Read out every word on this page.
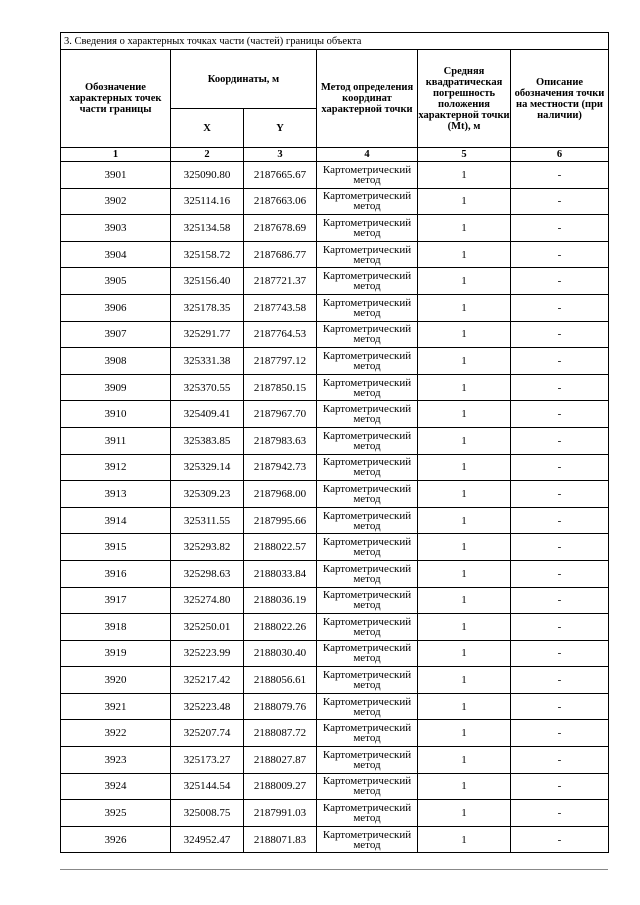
3. Сведения о характерных точках части (частей) границы объекта					
Обозначение характерных точек части границы	Координаты, м		Метод определения координат характерной точки	Средняя квадратическая погрешность положения характерной точки (Mt), м	Описание обозначения точки на местности (при наличии)
	X	Y			
1	2	3	4	5	6
3901	325090.80	2187665.67	Картометрический метод	1	-
3902	325114.16	2187663.06	Картометрический метод	1	-
3903	325134.58	2187678.69	Картометрический метод	1	-
3904	325158.72	2187686.77	Картометрический метод	1	-
3905	325156.40	2187721.37	Картометрический метод	1	-
3906	325178.35	2187743.58	Картометрический метод	1	-
3907	325291.77	2187764.53	Картометрический метод	1	-
3908	325331.38	2187797.12	Картометрический метод	1	-
3909	325370.55	2187850.15	Картометрический метод	1	-
3910	325409.41	2187967.70	Картометрический метод	1	-
3911	325383.85	2187983.63	Картометрический метод	1	-
3912	325329.14	2187942.73	Картометрический метод	1	-
3913	325309.23	2187968.00	Картометрический метод	1	-
3914	325311.55	2187995.66	Картометрический метод	1	-
3915	325293.82	2188022.57	Картометрический метод	1	-
3916	325298.63	2188033.84	Картометрический метод	1	-
3917	325274.80	2188036.19	Картометрический метод	1	-
3918	325250.01	2188022.26	Картометрический метод	1	-
3919	325223.99	2188030.40	Картометрический метод	1	-
3920	325217.42	2188056.61	Картометрический метод	1	-
3921	325223.48	2188079.76	Картометрический метод	1	-
3922	325207.74	2188087.72	Картометрический метод	1	-
3923	325173.27	2188027.87	Картометрический метод	1	-
3924	325144.54	2188009.27	Картометрический метод	1	-
3925	325008.75	2187991.03	Картометрический метод	1	-
3926	324952.47	2188071.83	Картометрический метод	1	-
